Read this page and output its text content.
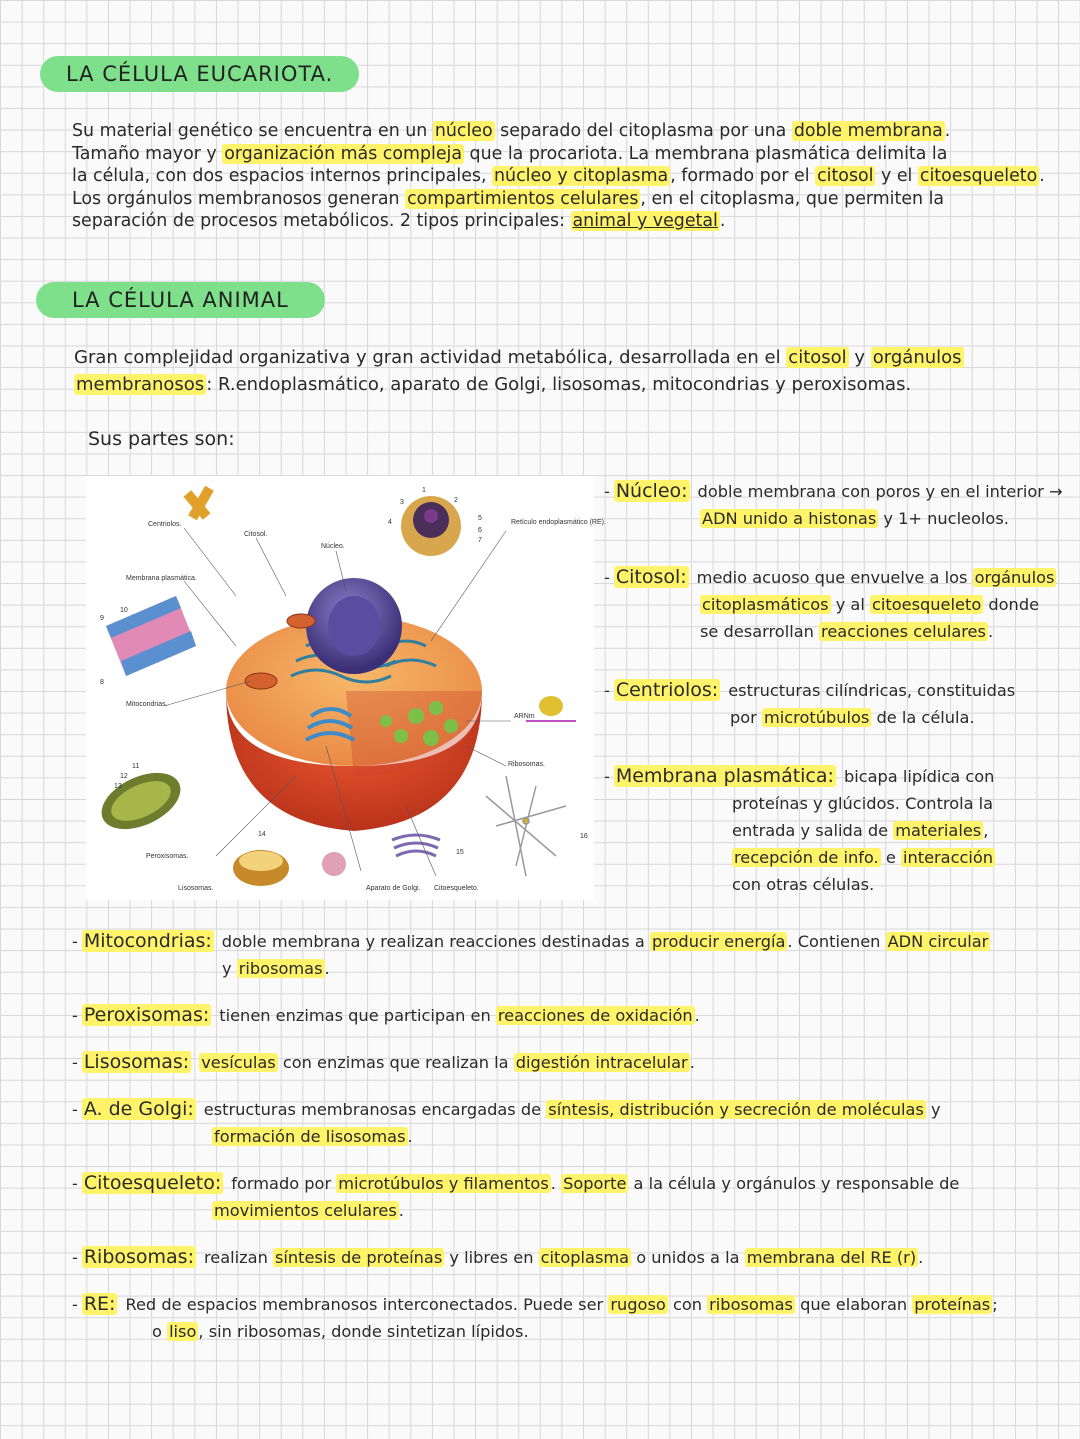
LA CÉLULA EUCARIOTA.
Su material genético se encuentra en un núcleo separado del citoplasma por una doble membrana .
Tamaño mayor y organización más compleja que la procariota. La membrana plasmática delimita la
la célula, con dos espacios internos principales, núcleo y citoplasma , formado por el citosol y el citoesqueleto .
Los orgánulos membranosos generan compartimientos celulares , en el citoplasma, que permiten la
separación de procesos metabólicos. 2 tipos principales: animal y vegetal .
LA CÉLULA ANIMAL
Gran complejidad organizativa y gran actividad metabólica, desarrollada en el citosol y orgánulos
membranosos : R.endoplasmático, aparato de Golgi, lisosomas, mitocondrias y peroxisomas.
Sus partes son:
Centriolos.
Citosol.
Núcleo.
Retículo endoplasmático (RE).
Membrana plasmática.
Mitocondrias.
ARNm
Ribosomas.
Peroxisomas.
Lisosomas.	Aparato de Golgi. Citoesqueleto.
1
2
3
4
5
6
7
8
9
10
11
12
13
14
15
16
- Núcleo: doble membrana con poros y en el interior →
ADN unido a histonas y 1+ nucleolos.
- Citosol: medio acuoso que envuelve a los orgánulos
citoplasmáticos y al citoesqueleto donde
se desarrollan reacciones celulares .
- Centriolos: estructuras cilíndricas, constituidas
por microtúbulos de la célula.
- Membrana plasmática: bicapa lipídica con
proteínas y glúcidos. Controla la
entrada y salida de materiales ,
recepción de info. e interacción
con otras células.
- Mitocondrias: doble membrana y realizan reacciones destinadas a producir energía . Contienen ADN circular
y ribosomas .
- Peroxisomas: tienen enzimas que participan en reacciones de oxidación .
- Lisosomas: vesículas con enzimas que realizan la digestión intracelular .
- A. de Golgi: estructuras membranosas encargadas de síntesis, distribución y secreción de moléculas y
formación de lisosomas .
- Citoesqueleto: formado por microtúbulos y filamentos . Soporte a la célula y orgánulos y responsable de
movimientos celulares .
- Ribosomas: realizan síntesis de proteínas y libres en citoplasma o unidos a la membrana del RE (r) .
- RE: Red de espacios membranosos interconectados. Puede ser rugoso con ribosomas que elaboran proteínas ;
o liso , sin ribosomas, donde sintetizan lípidos.
